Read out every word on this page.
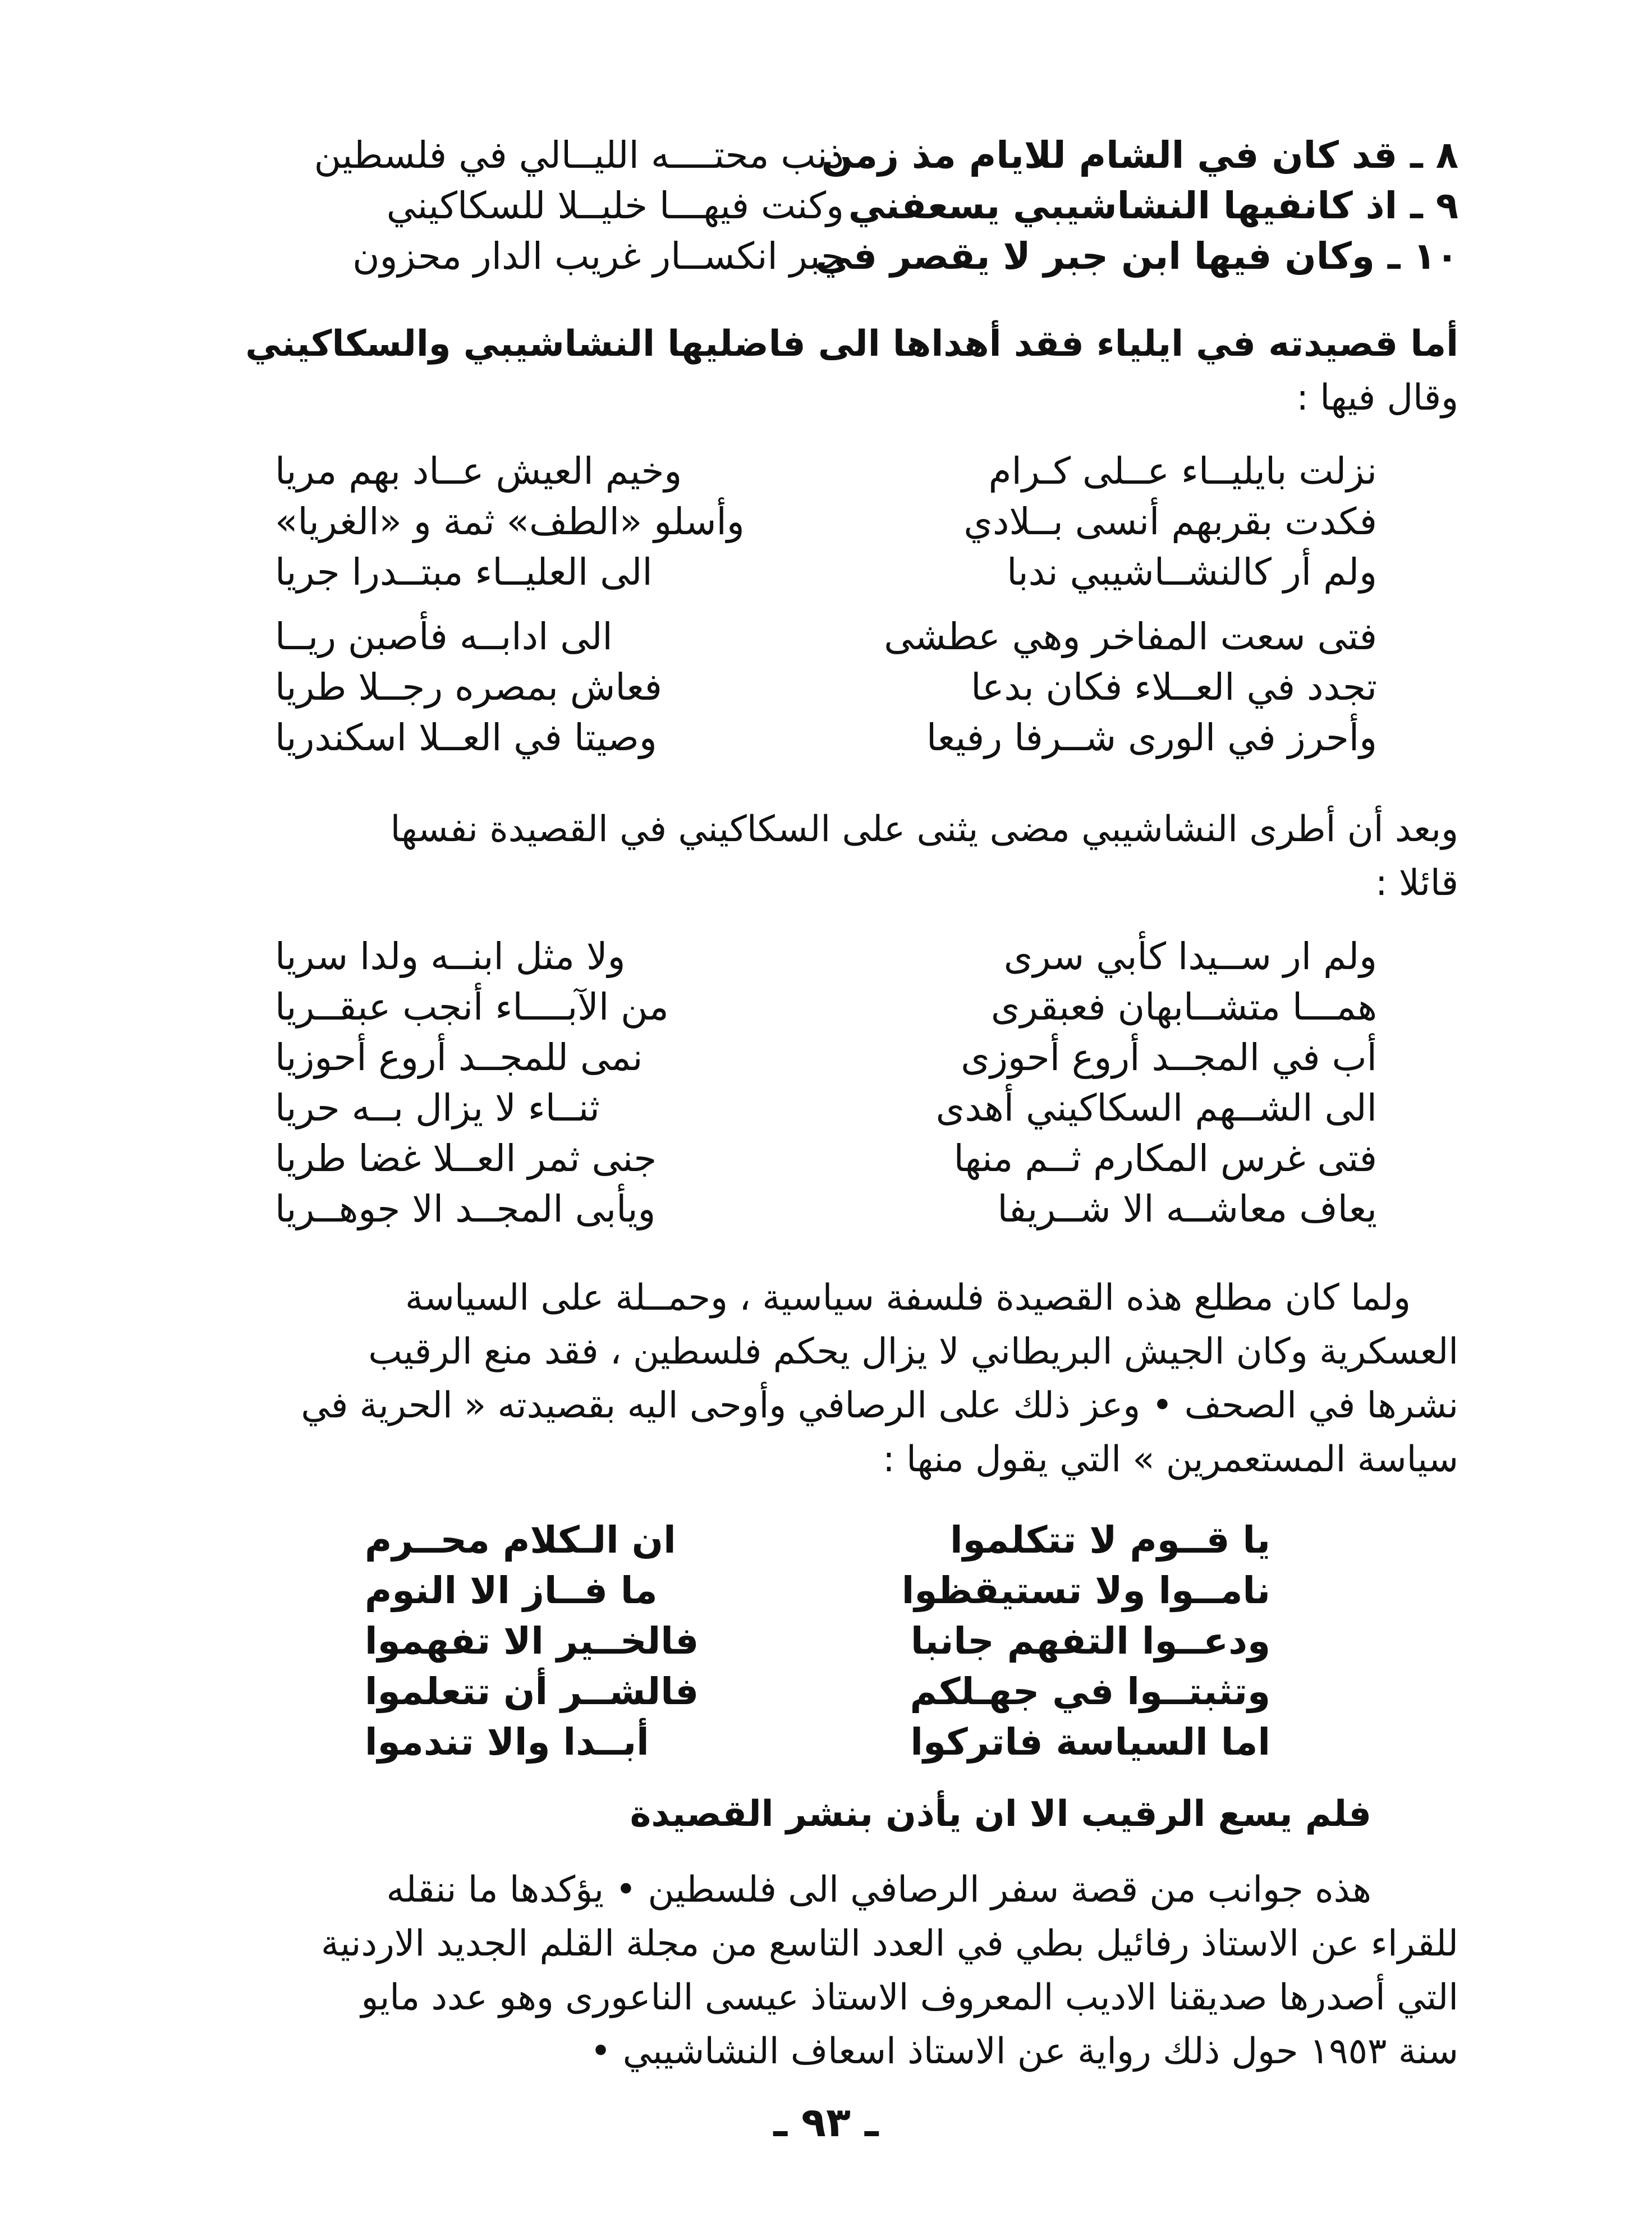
٨ ـ قد كان في الشام للايام مذ زمن
ذنب محتــــه الليــالي في فلسطين
٩ ـ اذ كانفيها النشاشيبي يسعفني
وكنت فيهـــا خليــلا للسكاكيني
١٠ ـ وكان فيها ابن جبر لا يقصر في
جبر انكســار غريب الدار محزون
أما قصيدته في ايلياء فقد أهداها الى فاضليها النشاشيبي والسكاكيني
وقال فيها :
نزلت بايليــاء عــلى كـرام
وخيم العيش عــاد بهم مريا
فكدت بقربهم أنسى بــلادي
وأسلو «الطف» ثمة و «الغريا»
ولم أر كالنشــاشيبي ندبا
الى العليــاء مبتــدرا جريا
فتى سعت المفاخر وهي عطشى
الى ادابــه فأصبن ريــا
تجدد في العــلاء فكان بدعا
فعاش بمصره رجــلا طريا
وأحرز في الورى شــرفا رفيعا
وصيتا في العــلا اسكندريا
وبعد أن أطرى النشاشيبي مضى يثنى على السكاكيني في القصيدة نفسها
قائلا :
ولم ار ســيدا كأبي سرى
ولا مثل ابنــه ولدا سريا
همـــا متشــابهان فعبقرى
من الآبــــاء أنجب عبقــريا
أب في المجــد أروع أحوزى
نمى للمجــد أروع أحوزيا
الى الشــهم السكاكيني أهدى
ثنــاء لا يزال بــه حريا
فتى غرس المكارم ثــم منها
جنى ثمر العــلا غضا طريا
يعاف معاشــه الا شــريفا
ويأبى المجــد الا جوهــريا
ولما كان مطلع هذه القصيدة فلسفة سياسية ، وحمــلة على السياسة
العسكرية وكان الجيش البريطاني لا يزال يحكم فلسطين ، فقد منع الرقيب
نشرها في الصحف • وعز ذلك على الرصافي وأوحى اليه بقصيدته « الحرية في
سياسة المستعمرين » التي يقول منها :
يا قــوم لا تتكلموا
ان الـكلام محــرم
نامــوا ولا تستيقظوا
ما فــاز الا النوم
ودعــوا التفهم جانبا
فالخــير الا تفهموا
وتثبتــوا في جهـلكم
فالشــر أن تتعلموا
اما السياسة فاتركوا
أبــدا والا تندموا
فلم يسع الرقيب الا ان يأذن بنشر القصيدة
هذه جوانب من قصة سفر الرصافي الى فلسطين • يؤكدها ما ننقله
للقراء عن الاستاذ رفائيل بطي في العدد التاسع من مجلة القلم الجديد الاردنية
التي أصدرها صديقنا الاديب المعروف الاستاذ عيسى الناعورى وهو عدد مايو
سنة ١٩٥٣ حول ذلك رواية عن الاستاذ اسعاف النشاشيبي •
ـ ٩٣ ـ
